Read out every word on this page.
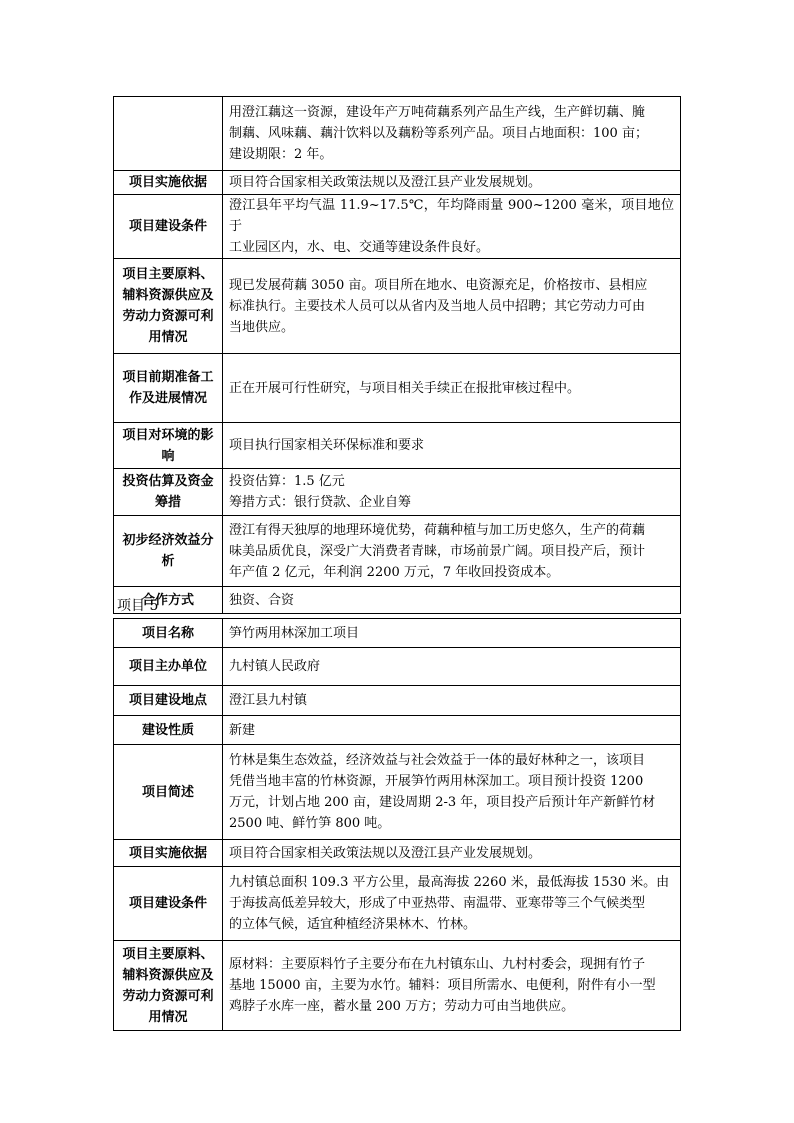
	用澄江藕这一资源，建设年产万吨荷藕系列产品生产线，生产鲜切藕、腌
制藕、风味藕、藕汁饮料以及藕粉等系列产品。项目占地面积：100 亩；
建设期限：2 年。

项目实施依据	项目符合国家相关政策法规以及澄江县产业发展规划。

项目建设条件	澄江县年平均气温 11.9~17.5℃，年均降雨量 900~1200 毫米，项目地位于
工业园区内，水、电、交通等建设条件良好。

项目主要原料、辅料资源供应及劳动力资源可利用情况	现已发展荷藕 3050 亩。项目所在地水、电资源充足，价格按市、县相应
标准执行。主要技术人员可以从省内及当地人员中招聘；其它劳动力可由
当地供应。

项目前期准备工作及进展情况	正在开展可行性研究，与项目相关手续正在报批审核过程中。

项目对环境的影响	项目执行国家相关环保标准和要求

投资估算及资金筹措	投资估算：1.5 亿元
筹措方式：银行贷款、企业自筹

初步经济效益分析	澄江有得天独厚的地理环境优势，荷藕种植与加工历史悠久，生产的荷藕
味美品质优良，深受广大消费者青睐，市场前景广阔。项目投产后，预计
年产值 2 亿元，年利润 2200 万元，7 年收回投资成本。

合作方式	独资、合资
项目 5
项目名称	笋竹两用林深加工项目

项目主办单位	九村镇人民政府

项目建设地点	澄江县九村镇

建设性质	新建

项目简述	竹林是集生态效益，经济效益与社会效益于一体的最好林种之一，该项目
凭借当地丰富的竹林资源，开展笋竹两用林深加工。项目预计投资 1200
万元，计划占地 200 亩，建设周期 2-3 年，项目投产后预计年产新鲜竹材
2500 吨、鲜竹笋 800 吨。

项目实施依据	项目符合国家相关政策法规以及澄江县产业发展规划。

项目建设条件	九村镇总面积 109.3 平方公里，最高海拔 2260 米，最低海拔 1530 米。由
于海拔高低差异较大，形成了中亚热带、南温带、亚寒带等三个气候类型
的立体气候，适宜种植经济果林木、竹林。

项目主要原料、辅料资源供应及劳动力资源可利用情况	原材料：主要原料竹子主要分布在九村镇东山、九村村委会，现拥有竹子
基地 15000 亩，主要为水竹。辅料：项目所需水、电便利，附件有小一型
鸡脖子水库一座，蓄水量 200 万方；劳动力可由当地供应。
